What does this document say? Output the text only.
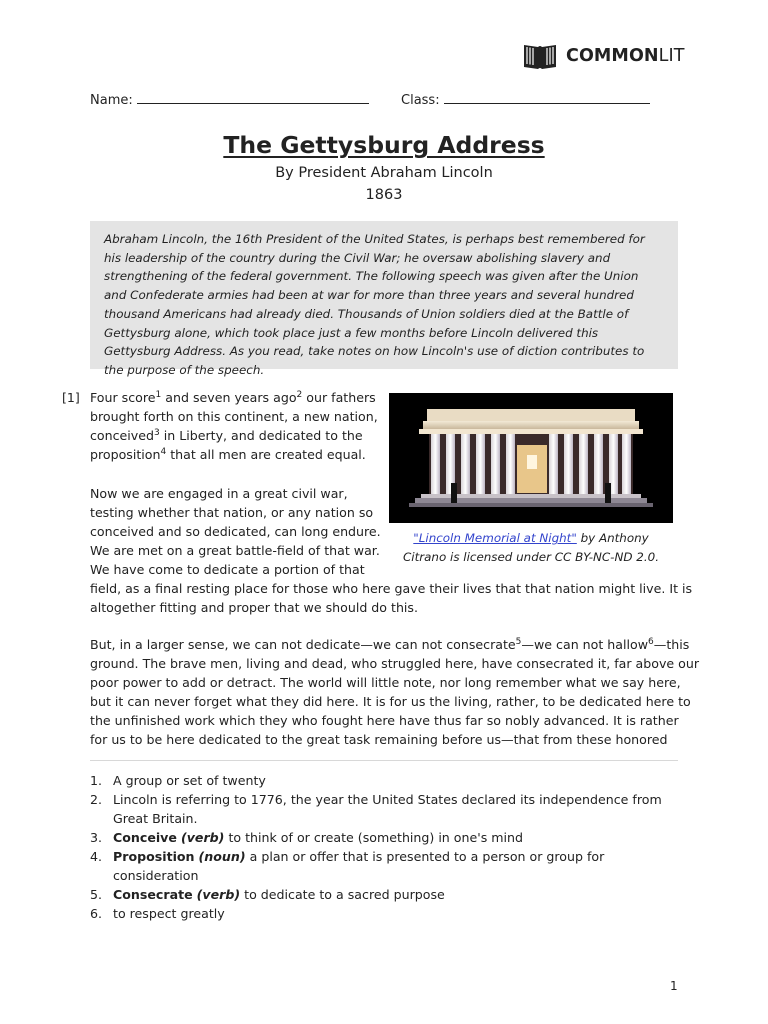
COMMONLIT
Name:	Class:
The Gettysburg Address
By President Abraham Lincoln
1863
Abraham Lincoln, the 16th President of the United States, is perhaps best remembered for his leadership of the country during the Civil War; he oversaw abolishing slavery and strengthening of the federal government. The following speech was given after the Union and Confederate armies had been at war for more than three years and several hundred thousand Americans had already died. Thousands of Union soldiers died at the Battle of Gettysburg alone, which took place just a few months before Lincoln delivered this Gettysburg Address. As you read, take notes on how Lincoln's use of diction contributes to the purpose of the speech.
[1] Four score$^1$ and seven years ago$^2$ our fathers
brought forth on this continent, a new nation,
conceived$^3$ in Liberty, and dedicated to the
proposition$^4$ that all men are created equal.
Now we are engaged in a great civil war,
testing whether that nation, or any nation so
conceived and so dedicated, can long endure.
We are met on a great battle-field of that war.
We have come to dedicate a portion of that
field, as a final resting place for those who here gave their lives that that nation might live. It is
altogether fitting and proper that we should do this.
But, in a larger sense, we can not dedicate—we can not consecrate$^5$—we can not hallow$^6$—this
ground. The brave men, living and dead, who struggled here, have consecrated it, far above our
poor power to add or detract. The world will little note, nor long remember what we say here,
but it can never forget what they did here. It is for us the living, rather, to be dedicated here to
the unfinished work which they who fought here have thus far so nobly advanced. It is rather
for us to be here dedicated to the great task remaining before us—that from these honored
"Lincoln Memorial at Night" by Anthony
Citrano is licensed under CC BY-NC-ND 2.0.
1. A group or set of twenty
2. Lincoln is referring to 1776, the year the United States declared its independence from
Great Britain.
3. Conceive (verb) to think of or create (something) in one's mind
4. Proposition (noun) a plan or offer that is presented to a person or group for consideration
5. Consecrate (verb) to dedicate to a sacred purpose
6. to respect greatly
1
